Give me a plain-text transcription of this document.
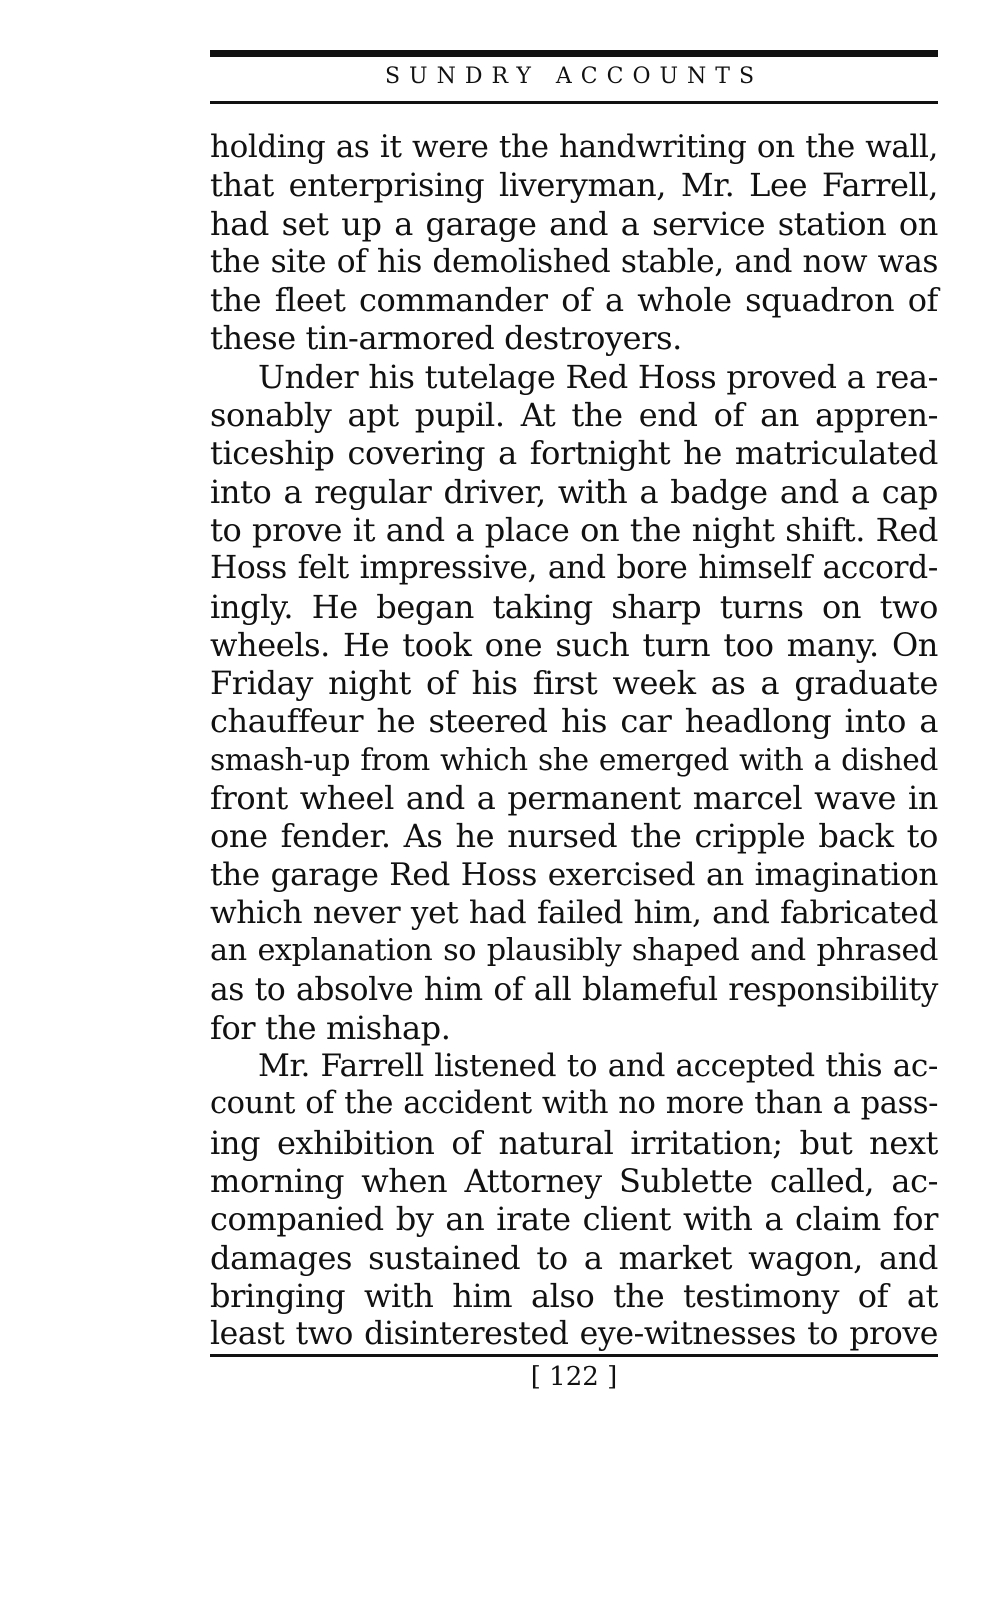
SUNDRY ACCOUNTS
holding as it were the handwriting on the wall,
that enterprising liveryman, Mr. Lee Farrell,
had set up a garage and a service station on
the site of his demolished stable, and now was
the fleet commander of a whole squadron of
these tin-armored destroyers.
Under his tutelage Red Hoss proved a rea-
sonably apt pupil. At the end of an appren-
ticeship covering a fortnight he matriculated
into a regular driver, with a badge and a cap
to prove it and a place on the night shift. Red
Hoss felt impressive, and bore himself accord-
ingly. He began taking sharp turns on two
wheels. He took one such turn too many. On
Friday night of his first week as a graduate
chauffeur he steered his car headlong into a
smash-up from which she emerged with a dished
front wheel and a permanent marcel wave in
one fender. As he nursed the cripple back to
the garage Red Hoss exercised an imagination
which never yet had failed him, and fabricated
an explanation so plausibly shaped and phrased
as to absolve him of all blameful responsibility
for the mishap.
Mr. Farrell listened to and accepted this ac-
count of the accident with no more than a pass-
ing exhibition of natural irritation; but next
morning when Attorney Sublette called, ac-
companied by an irate client with a claim for
damages sustained to a market wagon, and
bringing with him also the testimony of at
least two disinterested eye-witnesses to prove
[ 122 ]
